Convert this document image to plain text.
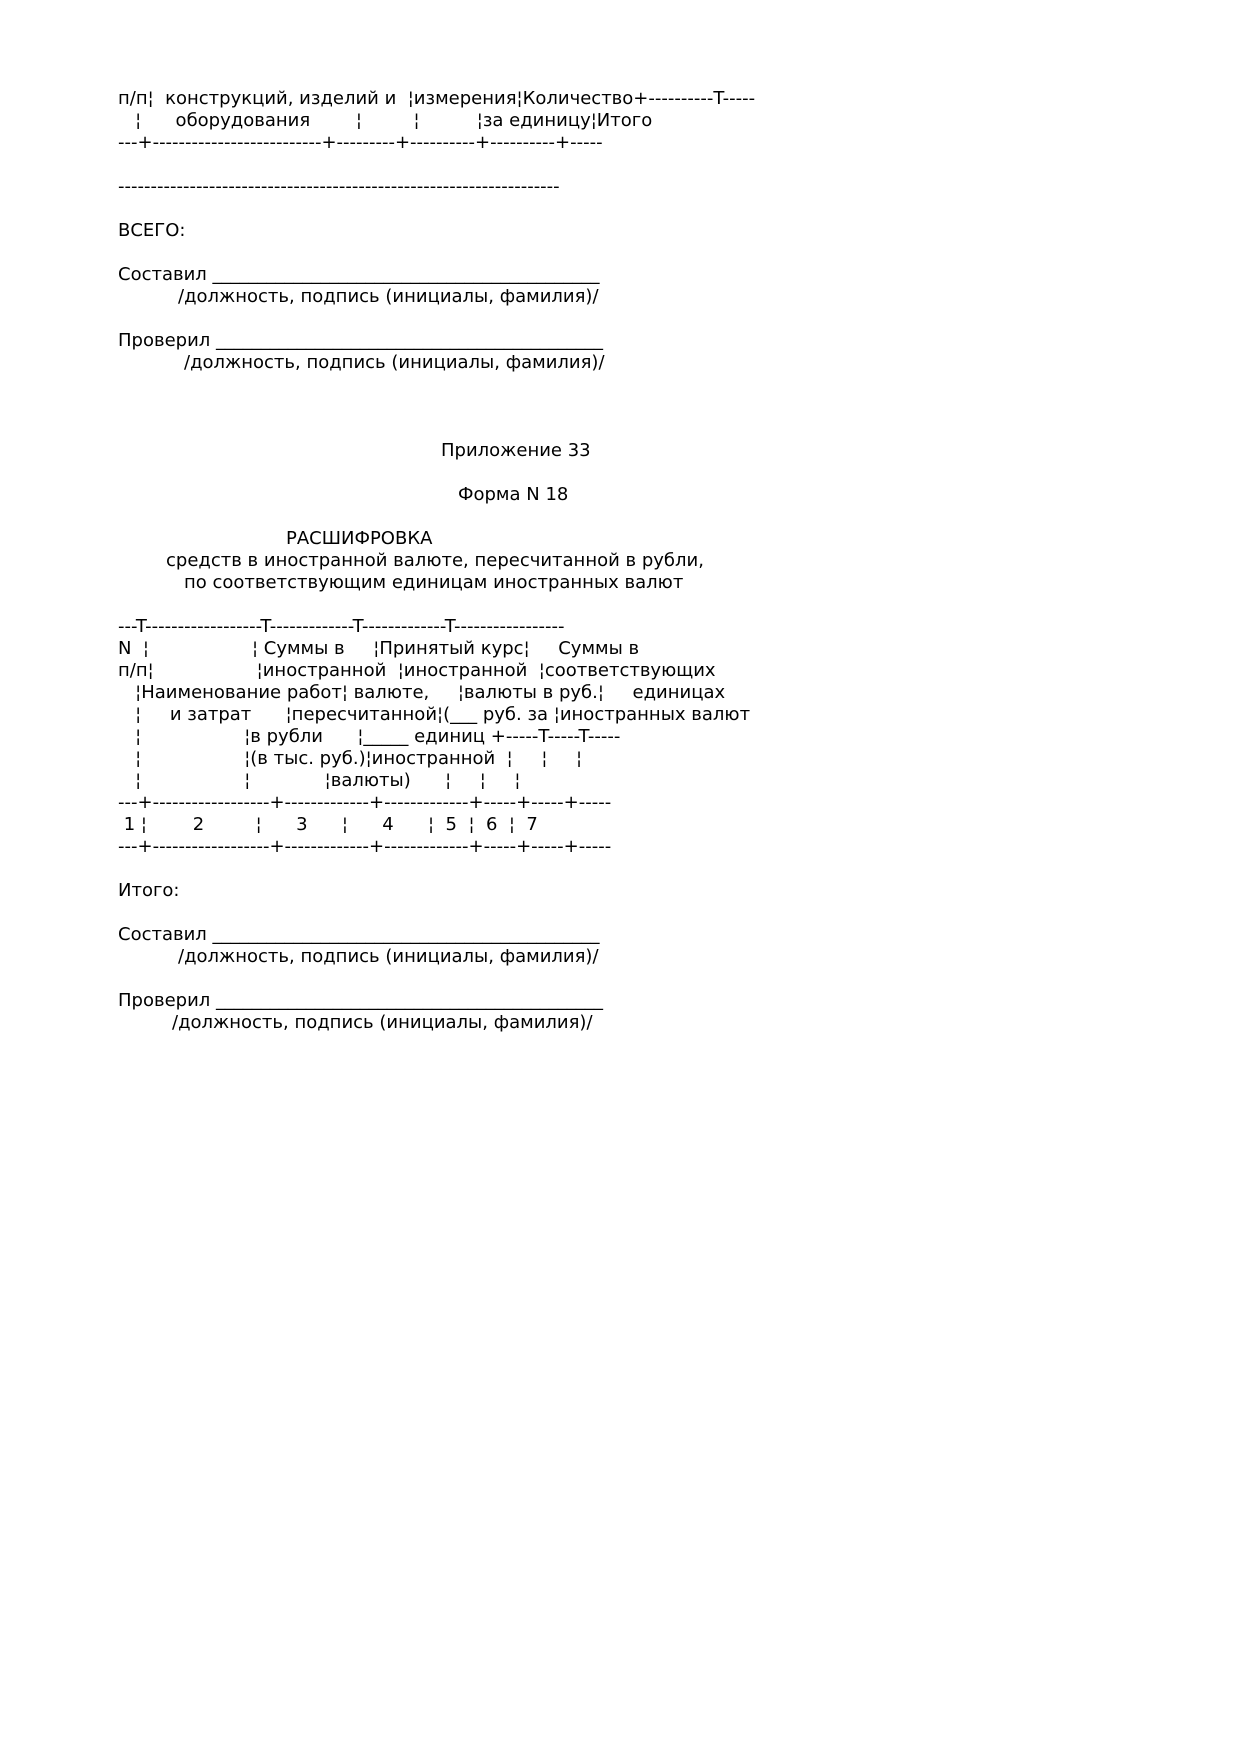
п/п¦  конструкций, изделий и  ¦измерения¦Количество+----------T-----
¦      оборудования        ¦         ¦          ¦за единицу¦Итого
---+--------------------------+---------+----------+----------+-----
--------------------------------------------------------------------
ВСЕГО:
Составил ___________________________________________
/должность, подпись (инициалы, фамилия)/
Проверил ___________________________________________
/должность, подпись (инициалы, фамилия)/
Приложение 33
Форма N 18
РАСШИФРОВКА
средств в иностранной валюте, пересчитанной в рубли,
по соответствующим единицам иностранных валют
---T------------------T-------------T-------------T-----------------
N  ¦                  ¦ Суммы в     ¦Принятый курс¦     Суммы в
п/п¦                  ¦иностранной  ¦иностранной  ¦соответствующих
¦Наименование работ¦ валюте,     ¦валюты в руб.¦     единицах
¦     и затрат      ¦пересчитанной¦(___ руб. за ¦иностранных валют
¦                  ¦в рубли      ¦_____ единиц +-----T-----T-----
¦                  ¦(в тыс. руб.)¦иностранной  ¦     ¦     ¦
¦                  ¦             ¦валюты)      ¦     ¦     ¦
---+------------------+-------------+-------------+-----+-----+-----
1 ¦        2         ¦      3      ¦      4      ¦  5  ¦  6  ¦  7
---+------------------+-------------+-------------+-----+-----+-----
Итого:
Составил ___________________________________________
/должность, подпись (инициалы, фамилия)/
Проверил ___________________________________________
/должность, подпись (инициалы, фамилия)/
